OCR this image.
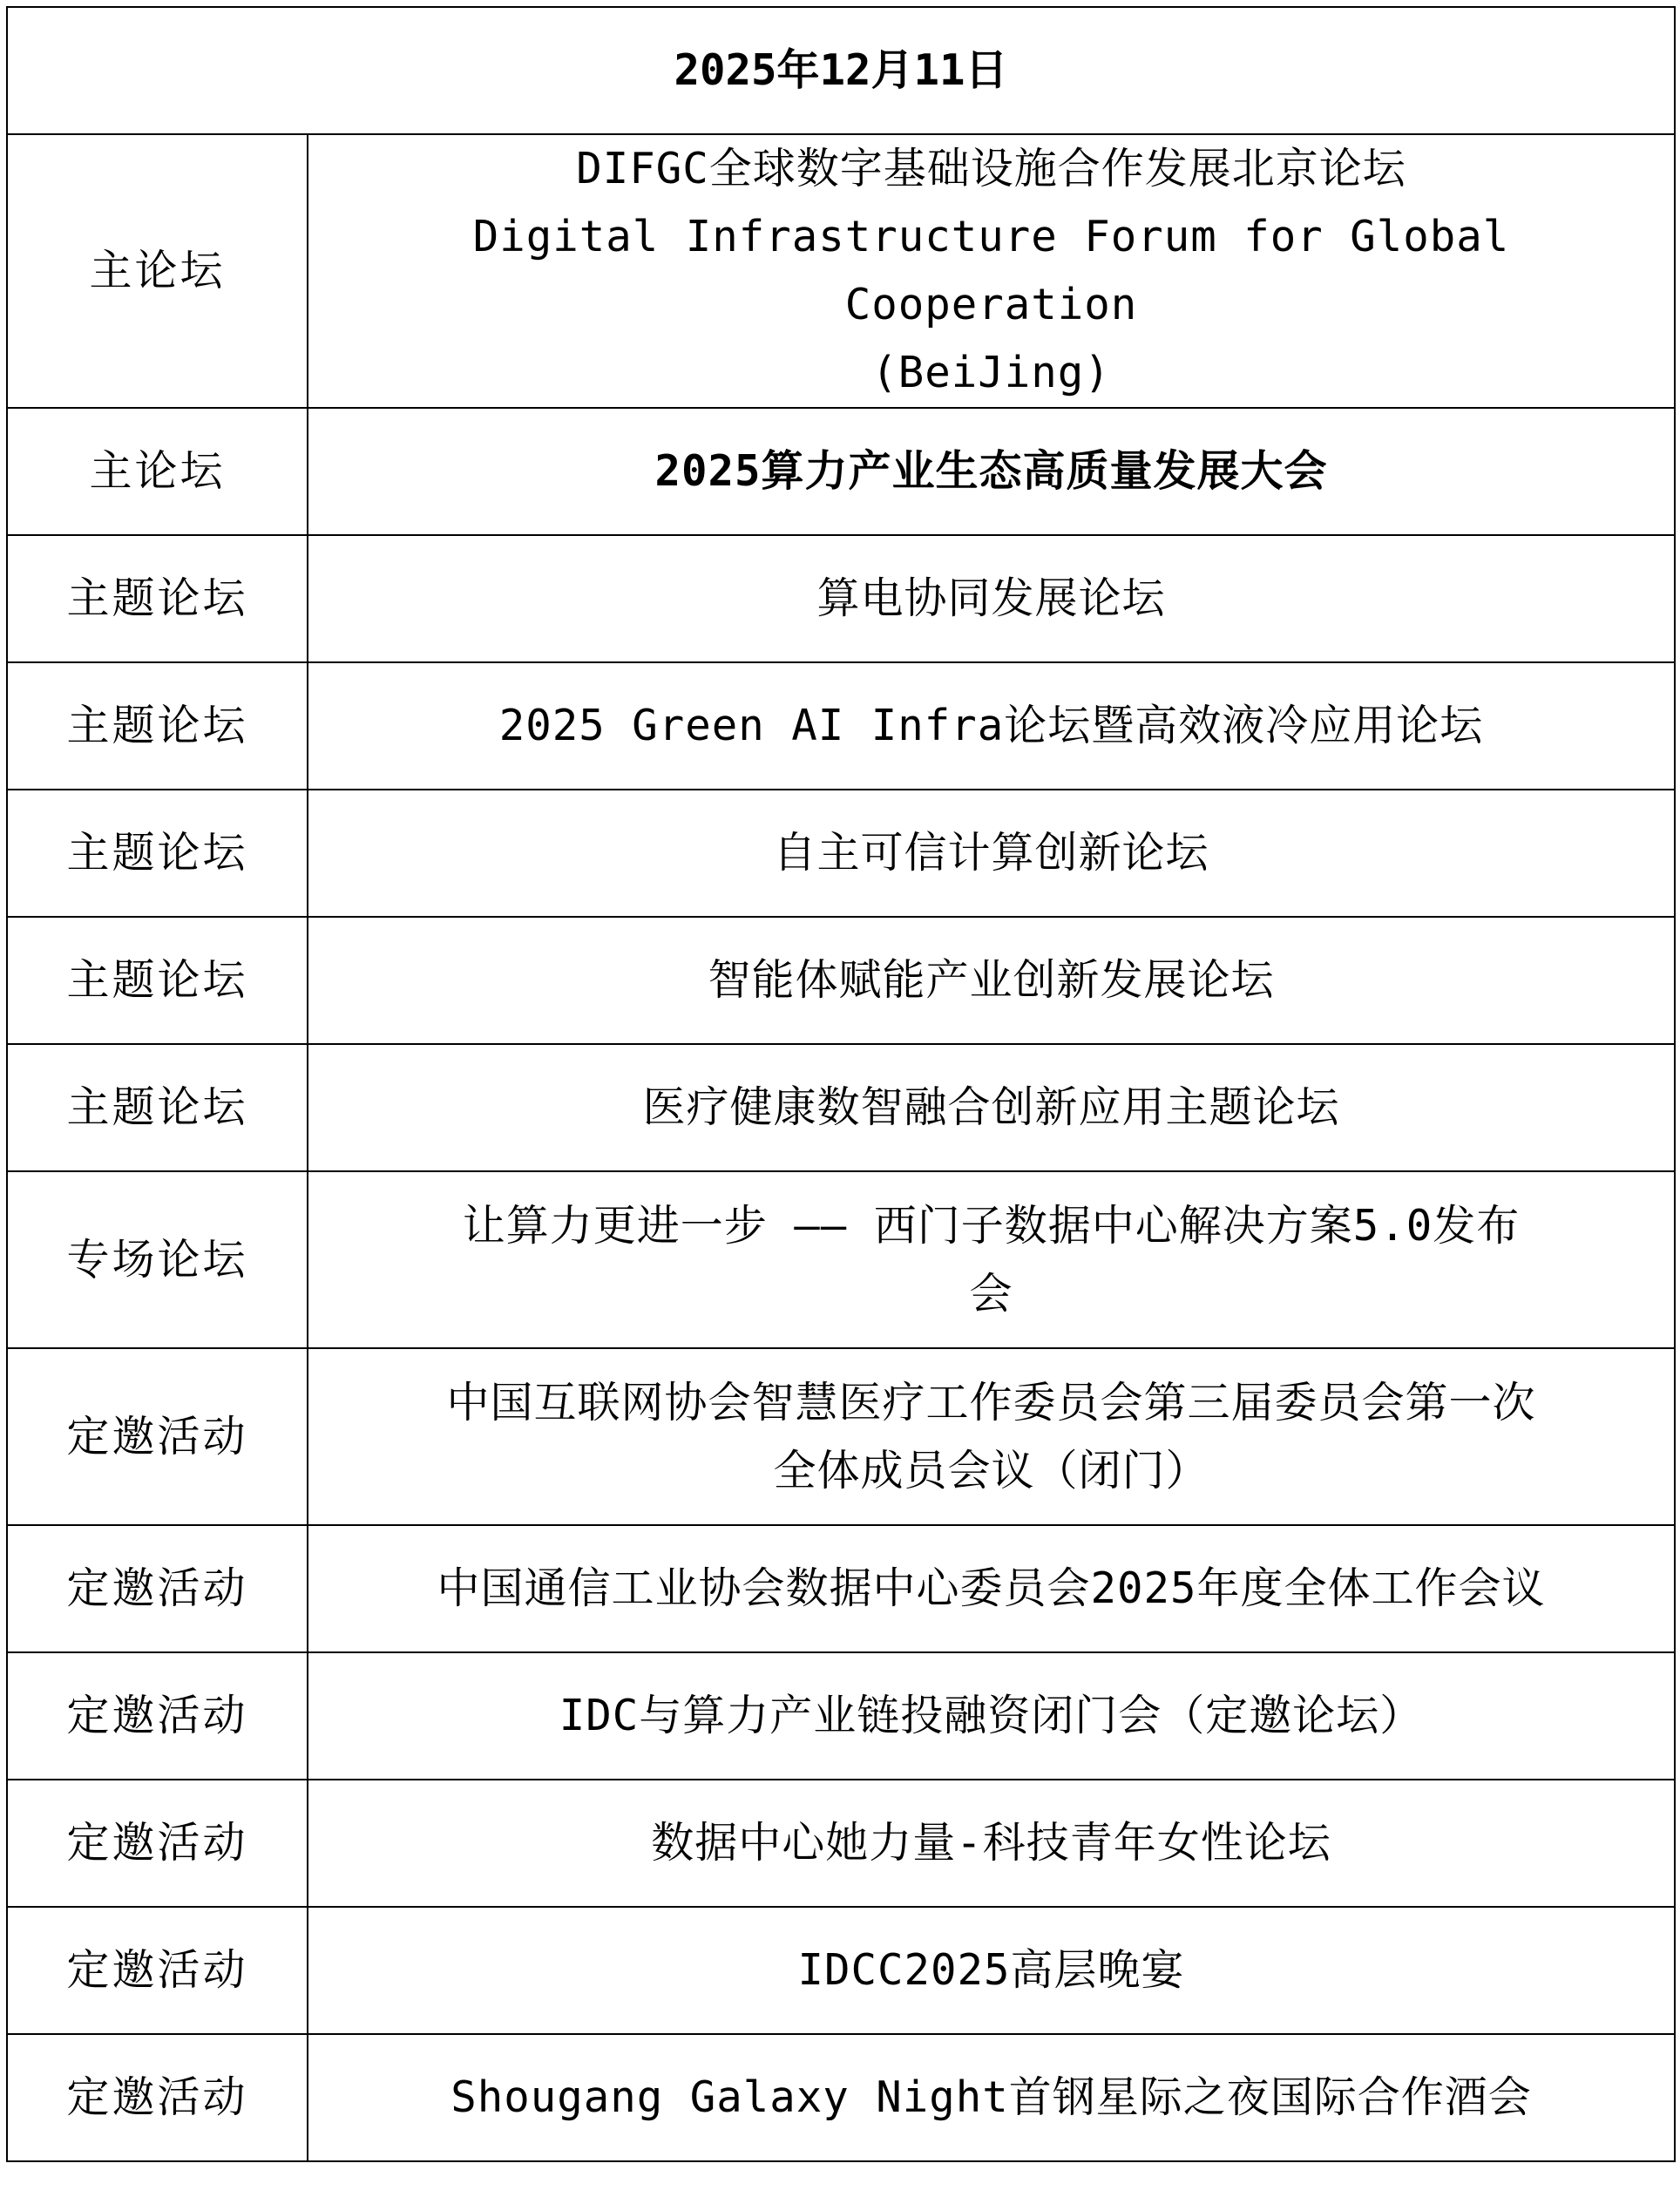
2025年12月11日	
主论坛	DIFGC全球数字基础设施合作发展北京论坛
Digital Infrastructure Forum for Global Cooperation
(BeiJing)

主论坛	2025算力产业生态高质量发展大会

主题论坛	算电协同发展论坛

主题论坛	2025 Green AI Infra论坛暨高效液冷应用论坛

主题论坛	自主可信计算创新论坛

主题论坛	智能体赋能产业创新发展论坛

主题论坛	医疗健康数智融合创新应用主题论坛

专场论坛	让算力更进一步 —— 西门子数据中心解决方案5.0发布
会

定邀活动	中国互联网协会智慧医疗工作委员会第三届委员会第一次
全体成员会议（闭门）

定邀活动	中国通信工业协会数据中心委员会2025年度全体工作会议

定邀活动	IDC与算力产业链投融资闭门会（定邀论坛）

定邀活动	数据中心她力量-科技青年女性论坛

定邀活动	IDCC2025高层晚宴

定邀活动	Shougang Galaxy Night首钢星际之夜国际合作酒会
